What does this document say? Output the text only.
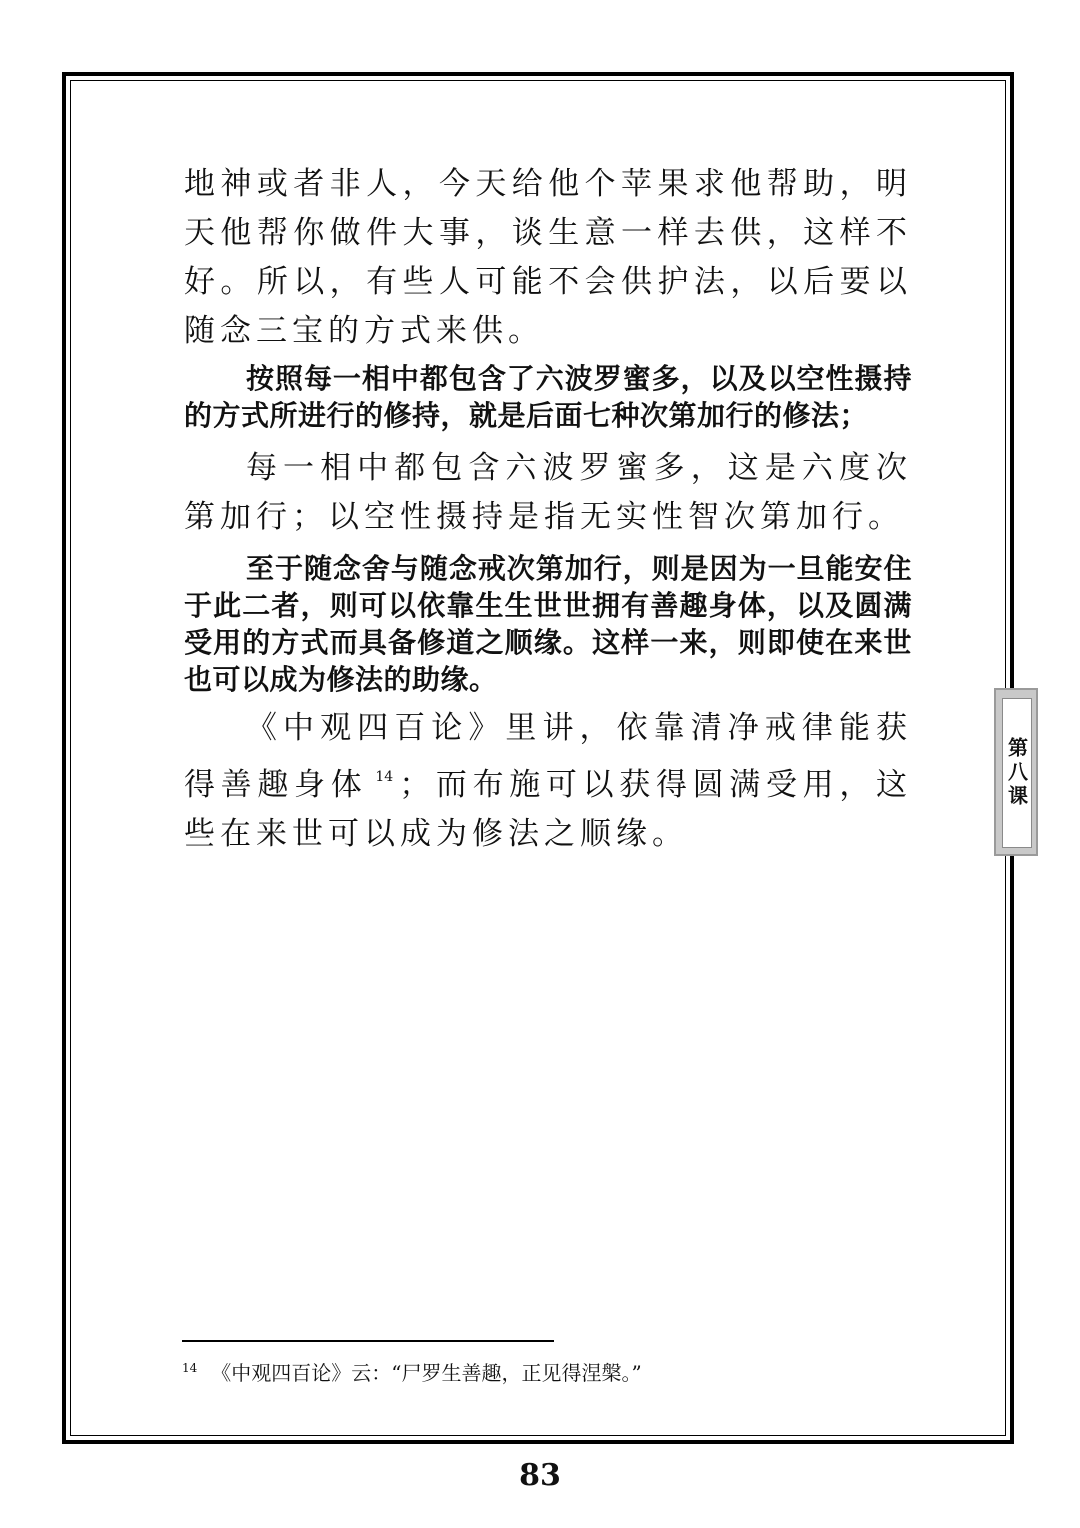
地神或者非人，今天给他个苹果求他帮助，明天他帮你做件大事，谈生意一样去供，这样不好。所以，有些人可能不会供护法，以后要以随念三宝的方式来供。

按照每一相中都包含了六波罗蜜多，以及以空性摄持的方式所进行的修持，就是后面七种次第加行的修法；

每一相中都包含六波罗蜜多，这是六度次第加行；以空性摄持是指无实性智次第加行。

至于随念舍与随念戒次第加行，则是因为一旦能安住于此二者，则可以依靠生生世世拥有善趣身体，以及圆满受用的方式而具备修道之顺缘。这样一来，则即使在来世也可以成为修法的助缘。

《中观四百论》里讲，依靠清净戒律能获得善趣身体 $^{14}$ ；而布施可以获得圆满受用，这些在来世可以成为修法之顺缘。

第八课
$^{14}$ 《中观四百论》云：“尸罗生善趣，正见得涅槃。”
83
